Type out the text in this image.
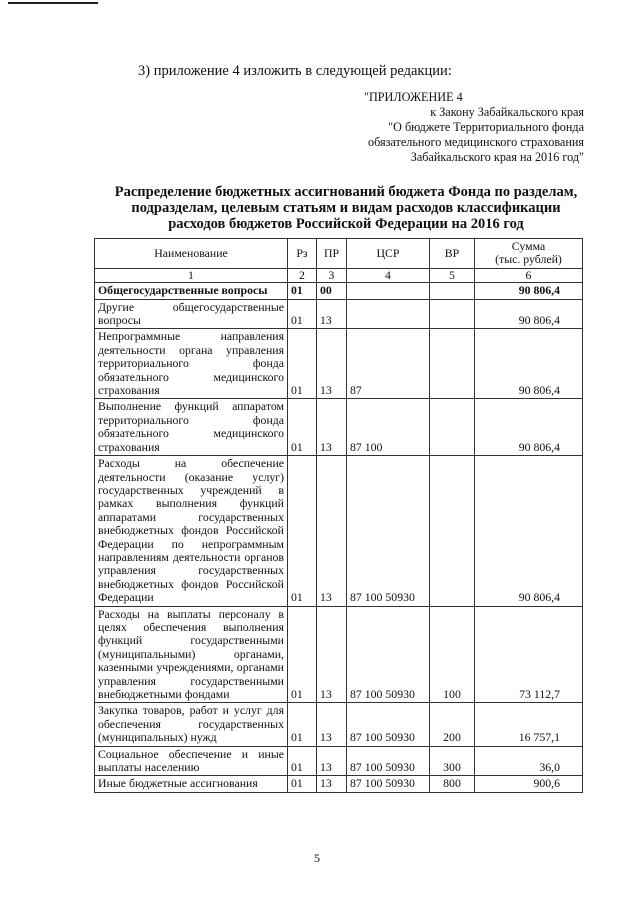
3) приложение 4 изложить в следующей редакции:
"ПРИЛОЖЕНИЕ 4
к Закону Забайкальского края
"О бюджете Территориального фонда
обязательного медицинского страхования
Забайкальского края на 2016 год"
Распределение бюджетных ассигнований бюджета Фонда по разделам,
подразделам, целевым статьям и видам расходов классификации
расходов бюджетов Российской Федерации на 2016 год
Наименование	Рз	ПР	ЦСР	ВР	Сумма
(тыс. рублей)

1	2	3	4	5	6
Общегосударственные вопросы	01	00			90 806,4
Другие общегосударственные вопросы	01	13			90 806,4
Непрограммные направления деятельности органа управления территориального фонда обязательного медицинского страхования	01	13	87		90 806,4
Выполнение функций аппаратом территориального фонда обязательного медицинского страхования	01	13	87 100		90 806,4
Расходы на обеспечение деятельности (оказание услуг) государственных учреждений в рамках выполнения функций аппаратами государственных внебюджетных фондов Российской Федерации по непрограммным направлениям деятельности органов управления государственных внебюджетных фондов Российской Федерации	01	13	87 100 50930		90 806,4
Расходы на выплаты персоналу в целях обеспечения выполнения функций государственными (муниципальными) органами, казенными учреждениями, органами управления государственными внебюджетными фондами	01	13	87 100 50930	100	73 112,7
Закупка товаров, работ и услуг для обеспечения государственных (муниципальных) нужд	01	13	87 100 50930	200	16 757,1
Социальное обеспечение и иные выплаты населению	01	13	87 100 50930	300	36,0
Иные бюджетные ассигнования	01	13	87 100 50930	800	900,6
5
